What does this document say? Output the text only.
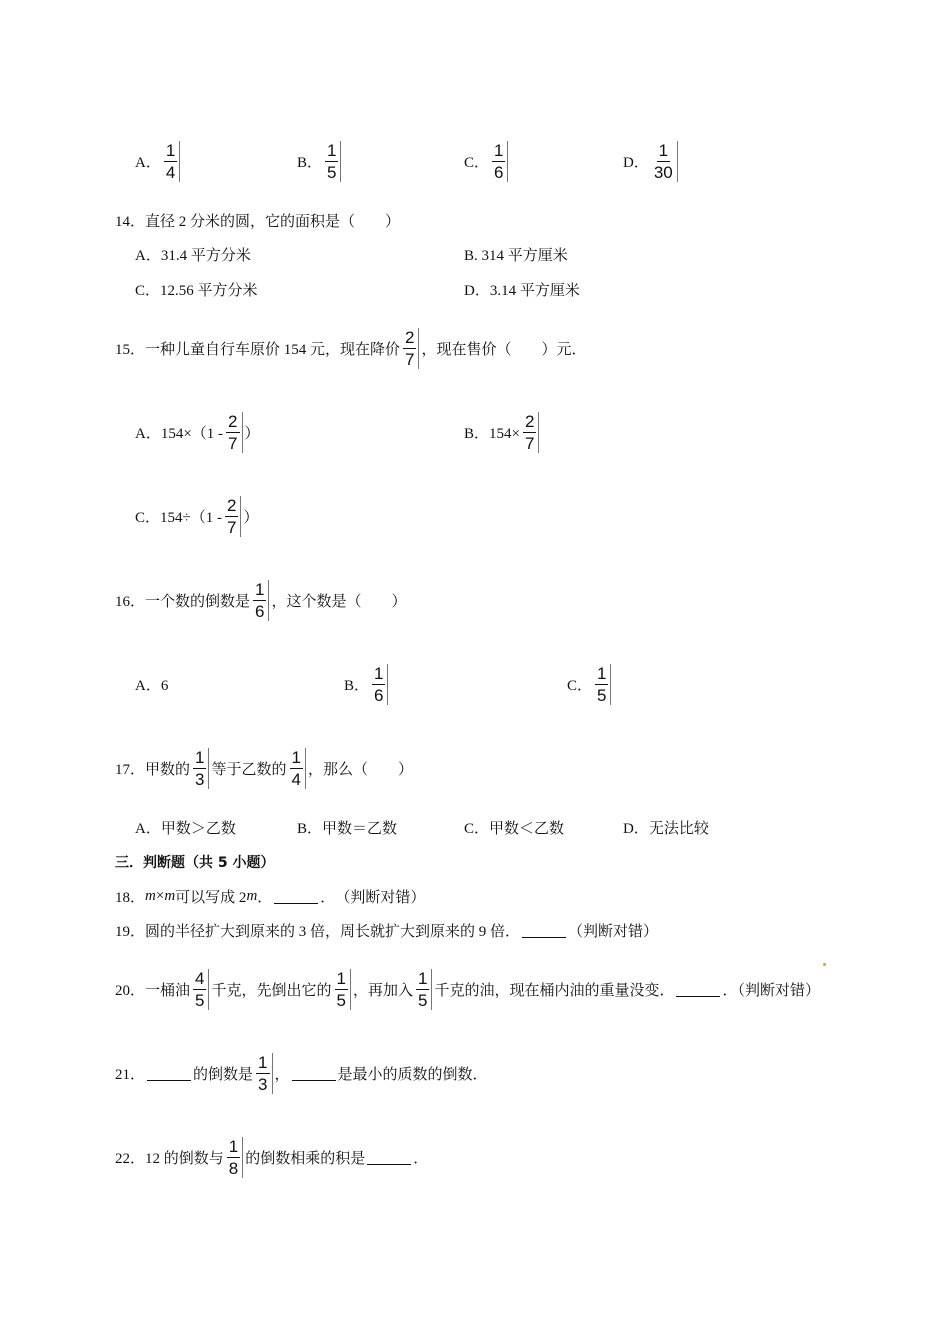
A． $\frac{1}{4}$	B． $\frac{1}{5}$	C． $\frac{1}{6}$	D． $\frac{1}{30}$
14．直径 2 分米的圆，它的面积是（　　）
A．31.4 平方分米	B. 314 平方厘米
C．12.56 平方分米	D．3.14 平方厘米
15．一种儿童自行车原价 154 元，现在降价 $\frac{2}{7}$ ，现在售价（　　）元．
A．$154\times(1 - \frac{2}{7}$ ）	B．$154\times \frac{2}{7}$
C．$154\div(1 - \frac{2}{7}$ ）
16．一个数的倒数是 $\frac{1}{6}$ ，这个数是（　　）
A．6	B． $\frac{1}{6}$	C． $\frac{1}{5}$
17．甲数的 $\frac{1}{3}$ 等于乙数的 $\frac{1}{4}$ ，那么（　　）
A．甲数＞乙数	B．甲数＝乙数	C．甲数＜乙数	D．无法比较
三．判断题（共 5 小题）
18． m × m 可以写成 2 m ．	． （判断对错）
19．圆的半径扩大到原来的 3 倍，周长就扩大到原来的 9 倍．	（判断对错）
20．一桶油 $\frac{4}{5}$ 千克，先倒出它的 $\frac{1}{5}$ ，再加入 $\frac{1}{5}$ 千克的油，现在桶内油的重量没变．	．（判断对错）
21．	的倒数是 $\frac{1}{3}$ ，	是最小的质数的倒数．
22．12 的倒数与 $\frac{1}{8}$ 的倒数相乘的积是	．
